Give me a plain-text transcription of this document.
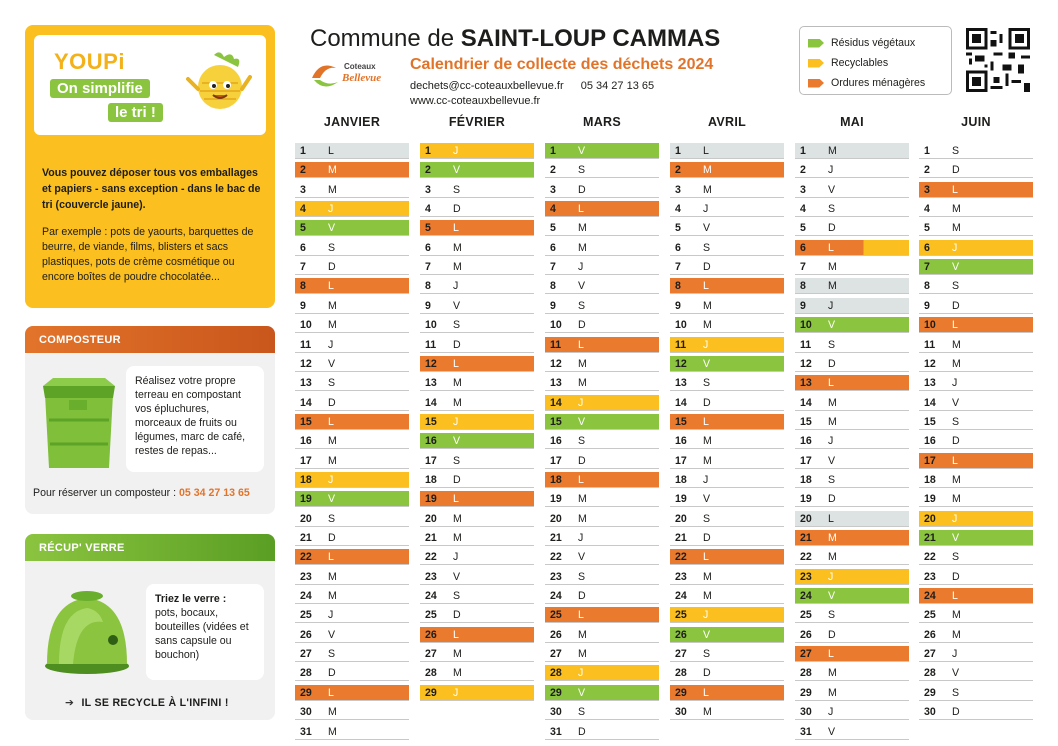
YOUPi
On simplifie
le tri !
Vous pouvez déposer tous vos emballages et papiers - sans exception - dans le bac de tri (couvercle jaune).
Par exemple : pots de yaourts, barquettes de beurre, de viande, films, blisters et sacs plastiques, pots de crème cosmétique ou encore boîtes de poudre chocolatée...
COMPOSTEUR
Réalisez votre propre terreau en compostant vos épluchures, morceaux de fruits ou légumes, marc de café, restes de repas...
Pour réserver un composteur : 05 34 27 13 65
RÉCUP' VERRE
Triez le verre :
pots, bocaux, bouteilles (vidées et sans capsule ou bouchon)
➔ IL SE RECYCLE À L'INFINI !
Commune de SAINT-LOUP CAMMAS
Coteaux
Bellevue
Calendrier de collecte des déchets 2024
dechets@cc-coteauxbellevue.fr 05 34 27 13 65
www.cc-coteauxbellevue.fr
Résidus végétaux
Recyclables
Ordures ménagères
JANVIER
1 L
2 M
3 M
4 J
5 V
6 S
7 D
8 L
9 M
10 M
11 J
12 V
13 S
14 D
15 L
16 M
17 M
18 J
19 V
20 S
21 D
22 L
23 M
24 M
25 J
26 V
27 S
28 D
29 L
30 M
31 M
FÉVRIER
1 J
2 V
3 S
4 D
5 L
6 M
7 M
8 J
9 V
10 S
11 D
12 L
13 M
14 M
15 J
16 V
17 S
18 D
19 L
20 M
21 M
22 J
23 V
24 S
25 D
26 L
27 M
28 M
29 J
MARS
1 V
2 S
3 D
4 L
5 M
6 M
7 J
8 V
9 S
10 D
11 L
12 M
13 M
14 J
15 V
16 S
17 D
18 L
19 M
20 M
21 J
22 V
23 S
24 D
25 L
26 M
27 M
28 J
29 V
30 S
31 D
AVRIL
1 L
2 M
3 M
4 J
5 V
6 S
7 D
8 L
9 M
10 M
11 J
12 V
13 S
14 D
15 L
16 M
17 M
18 J
19 V
20 S
21 D
22 L
23 M
24 M
25 J
26 V
27 S
28 D
29 L
30 M
MAI
1 M
2 J
3 V
4 S
5 D
6 L
7 M
8 M
9 J
10 V
11 S
12 D
13 L
14 M
15 M
16 J
17 V
18 S
19 D
20 L
21 M
22 M
23 J
24 V
25 S
26 D
27 L
28 M
29 M
30 J
31 V
JUIN
1 S
2 D
3 L
4 M
5 M
6 J
7 V
8 S
9 D
10 L
11 M
12 M
13 J
14 V
15 S
16 D
17 L
18 M
19 M
20 J
21 V
22 S
23 D
24 L
25 M
26 M
27 J
28 V
29 S
30 D
